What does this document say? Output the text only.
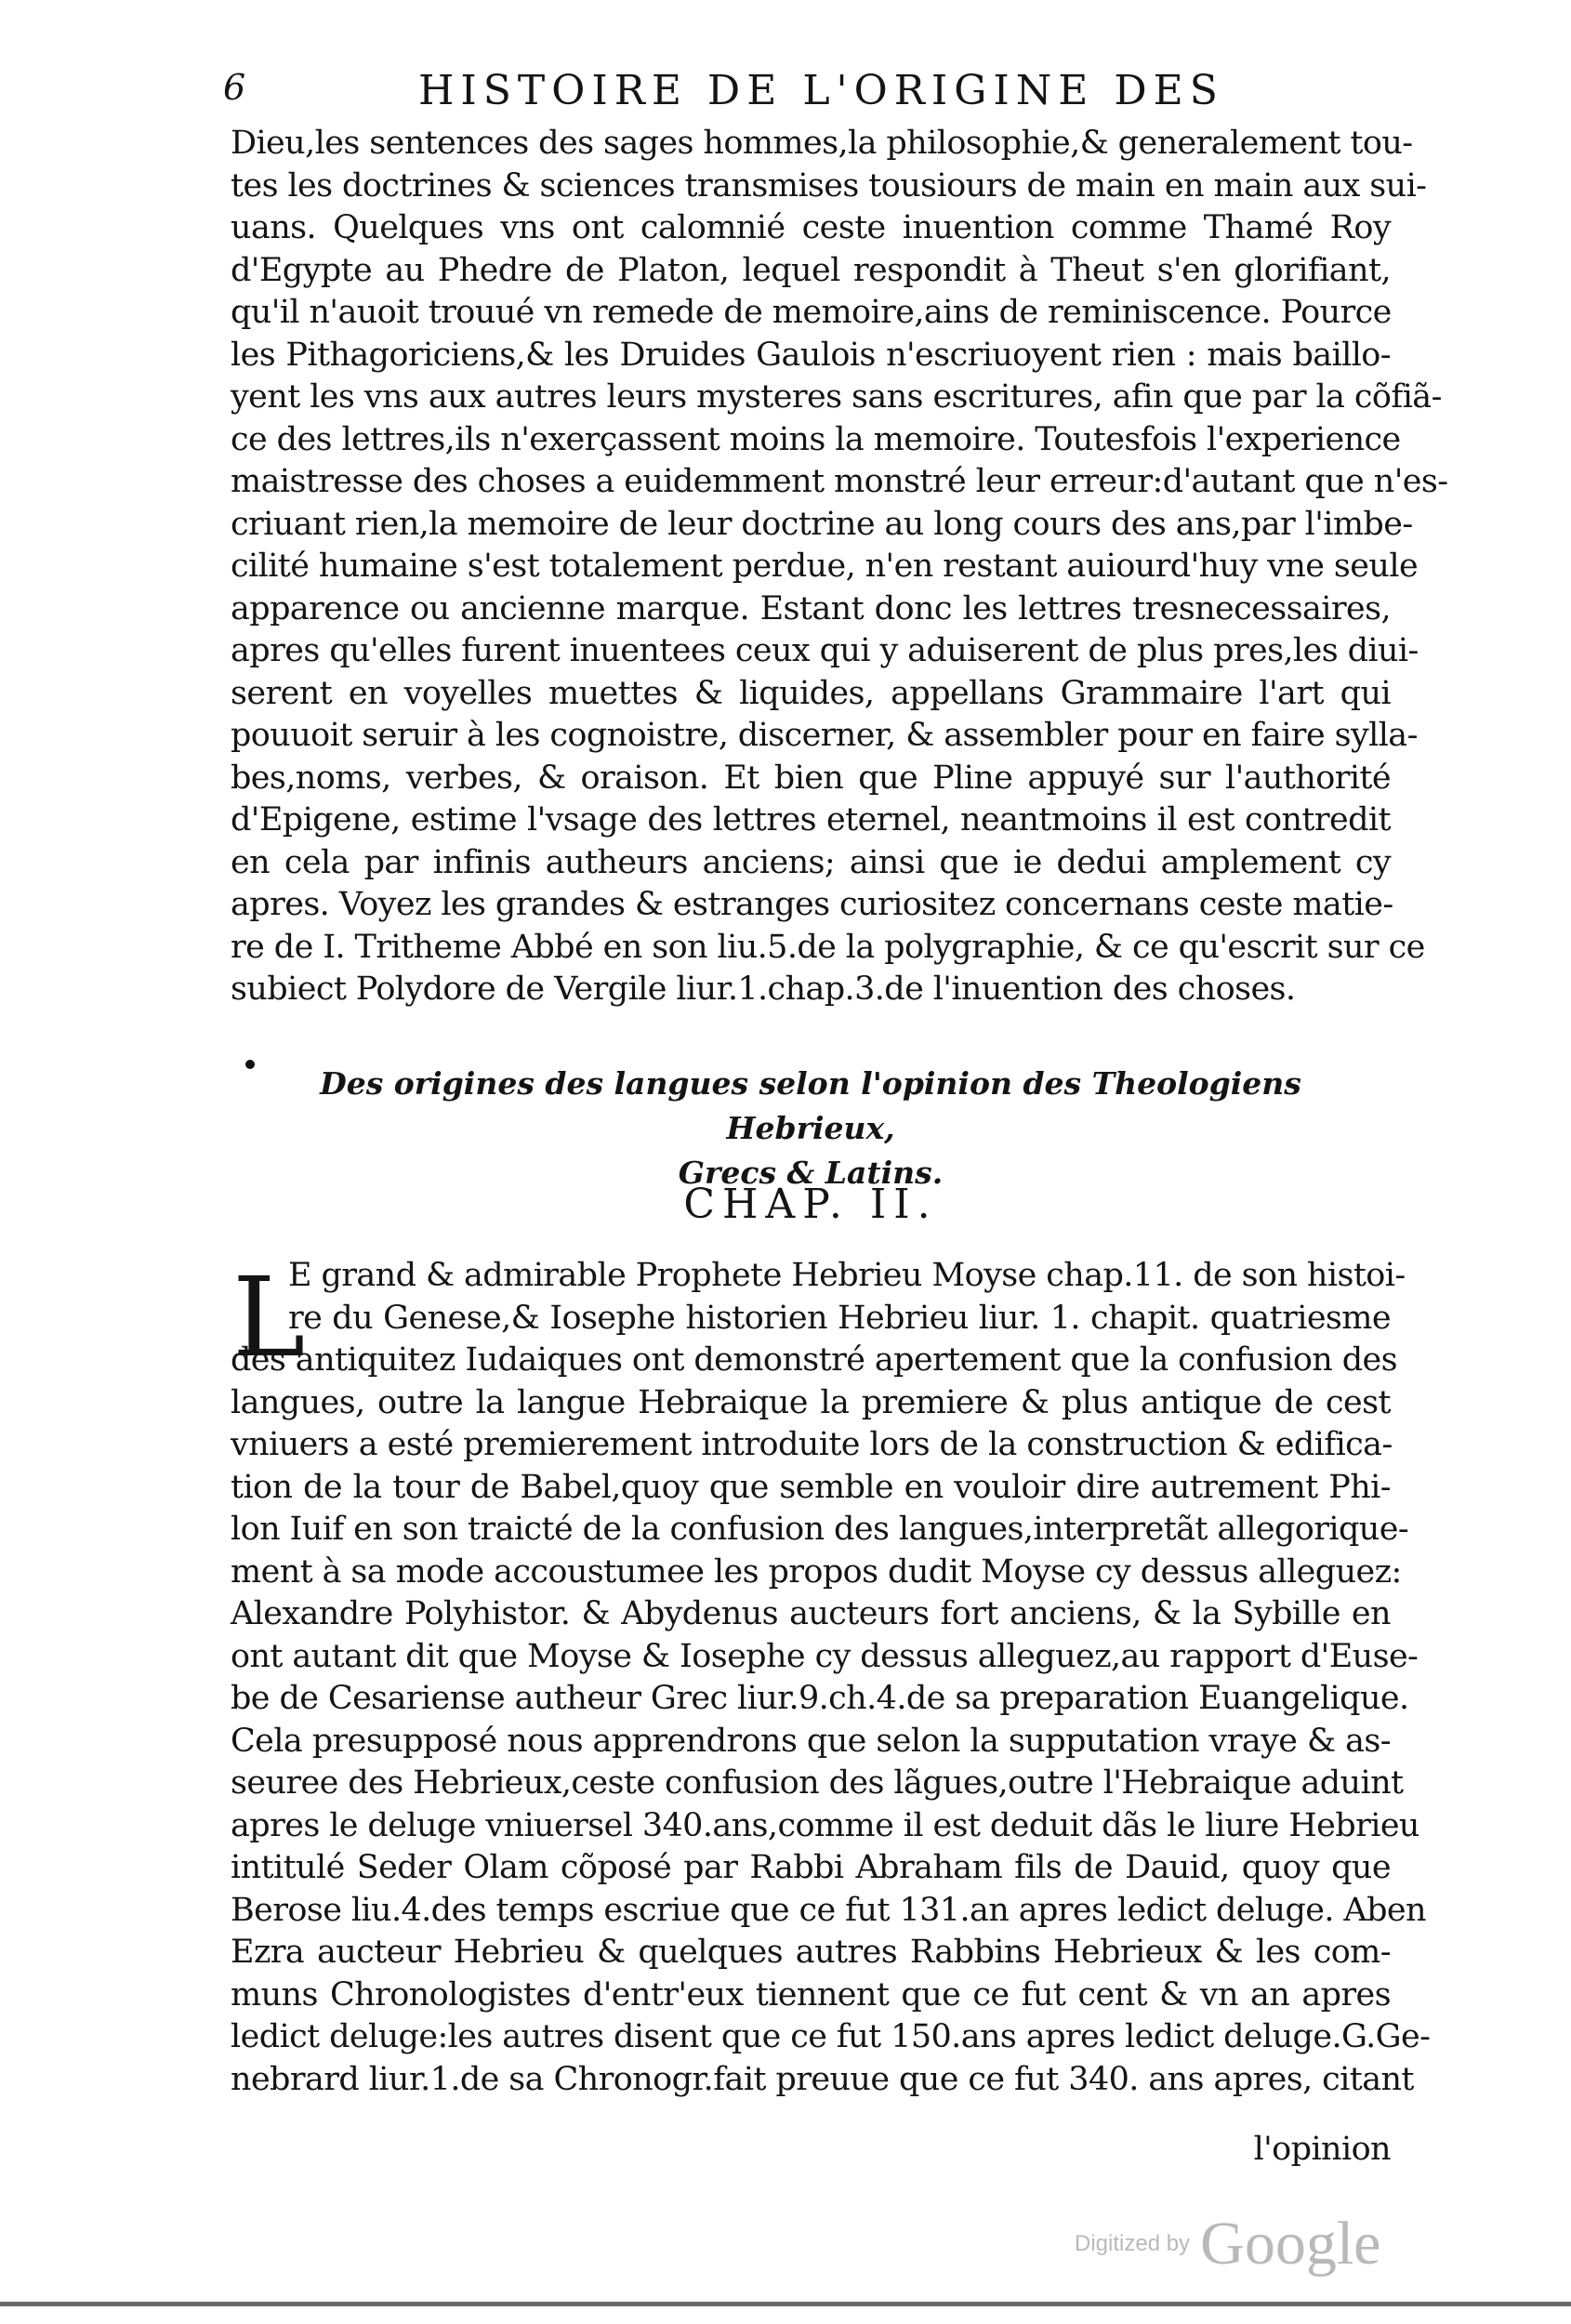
6	HISTOIRE DE L'ORIGINE DES
Dieu,les sentences des sages hommes,la philosophie,& generalement tou-
tes les doctrines & sciences transmises tousiours de main en main aux sui-
uans. Quelques vns ont calomnié ceste inuention comme Thamé Roy
d'Egypte au Phedre de Platon, lequel respondit à Theut s'en glorifiant,
qu'il n'auoit trouué vn remede de memoire,ains de reminiscence. Pource
les Pithagoriciens,& les Druides Gaulois n'escriuoyent rien : mais baillo-
yent les vns aux autres leurs mysteres sans escritures, afin que par la cõfiã-
ce des lettres,ils n'exerçassent moins la memoire. Toutesfois l'experience
maistresse des choses a euidemment monstré leur erreur:d'autant que n'es-
criuant rien,la memoire de leur doctrine au long cours des ans,par l'imbe-
cilité humaine s'est totalement perdue, n'en restant auiourd'huy vne seule
apparence ou ancienne marque. Estant donc les lettres tresnecessaires,
apres qu'elles furent inuentees ceux qui y aduiserent de plus pres,les diui-
serent en voyelles muettes & liquides, appellans Grammaire l'art qui
pouuoit seruir à les cognoistre, discerner, & assembler pour en faire sylla-
bes,noms, verbes, & oraison. Et bien que Pline appuyé sur l'authorité
d'Epigene, estime l'vsage des lettres eternel, neantmoins il est contredit
en cela par infinis autheurs anciens; ainsi que ie dedui amplement cy
apres. Voyez les grandes & estranges curiositez concernans ceste matie-
re de I. Tritheme Abbé en son liu.5.de la polygraphie, & ce qu'escrit sur ce
subiect Polydore de Vergile liur.1.chap.3.de l'inuention des choses.
Des origines des langues selon l'opinion des Theologiens Hebrieux,
Grecs & Latins.
CHAP. II.
L
E grand & admirable Prophete Hebrieu Moyse chap.11. de son histoi-
re du Genese,& Iosephe historien Hebrieu liur. 1. chapit. quatriesme
des antiquitez Iudaiques ont demonstré apertement que la confusion des
langues, outre la langue Hebraique la premiere & plus antique de cest
vniuers a esté premierement introduite lors de la construction & edifica-
tion de la tour de Babel,quoy que semble en vouloir dire autrement Phi-
lon Iuif en son traicté de la confusion des langues,interpretãt allegorique-
ment à sa mode accoustumee les propos dudit Moyse cy dessus alleguez:
Alexandre Polyhistor. & Abydenus aucteurs fort anciens, & la Sybille en
ont autant dit que Moyse & Iosephe cy dessus alleguez,au rapport d'Euse-
be de Cesariense autheur Grec liur.9.ch.4.de sa preparation Euangelique.
Cela presupposé nous apprendrons que selon la supputation vraye & as-
seuree des Hebrieux,ceste confusion des lãgues,outre l'Hebraique aduint
apres le deluge vniuersel 340.ans,comme il est deduit dãs le liure Hebrieu
intitulé Seder Olam cõposé par Rabbi Abraham fils de Dauid, quoy que
Berose liu.4.des temps escriue que ce fut 131.an apres ledict deluge. Aben
Ezra aucteur Hebrieu & quelques autres Rabbins Hebrieux & les com-
muns Chronologistes d'entr'eux tiennent que ce fut cent & vn an apres
ledict deluge:les autres disent que ce fut 150.ans apres ledict deluge.G.Ge-
nebrard liur.1.de sa Chronogr.fait preuue que ce fut 340. ans apres, citant
l'opinion
Digitized by Google
